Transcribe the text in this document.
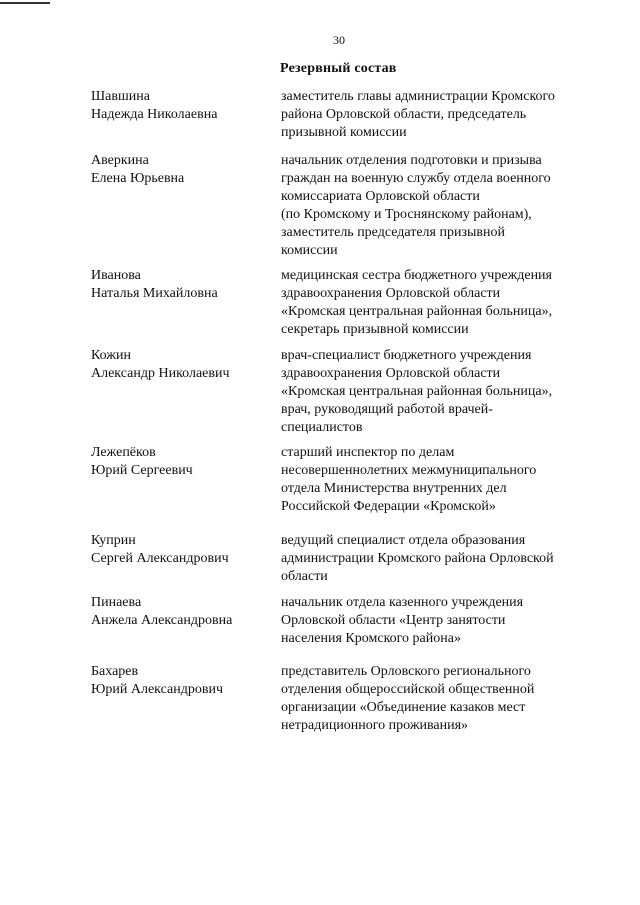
30
Резервный состав
Шавшина
Надежда Николаевна
заместитель главы администрации Кромского
района Орловской области, председатель
призывной комиссии
Аверкина
Елена Юрьевна
начальник отделения подготовки и призыва
граждан на военную службу отдела военного
комиссариата Орловской области
(по Кромскому и Троснянскому районам),
заместитель председателя призывной
комиссии
Иванова
Наталья Михайловна
медицинская сестра бюджетного учреждения
здравоохранения Орловской области
«Кромская центральная районная больница»,
секретарь призывной комиссии
Кожин
Александр Николаевич
врач-специалист бюджетного учреждения
здравоохранения Орловской области
«Кромская центральная районная больница»,
врач, руководящий работой врачей-
специалистов
Лежепёков
Юрий Сергеевич
старший инспектор по делам
несовершеннолетних межмуниципального
отдела Министерства внутренних дел
Российской Федерации «Кромской»
Куприн
Сергей Александрович
ведущий специалист отдела образования
администрации Кромского района Орловской
области
Пинаева
Анжела Александровна
начальник отдела казенного учреждения
Орловской области «Центр занятости
населения Кромского района»
Бахарев
Юрий Александрович
представитель Орловского регионального
отделения общероссийской общественной
организации «Объединение казаков мест
нетрадиционного проживания»
